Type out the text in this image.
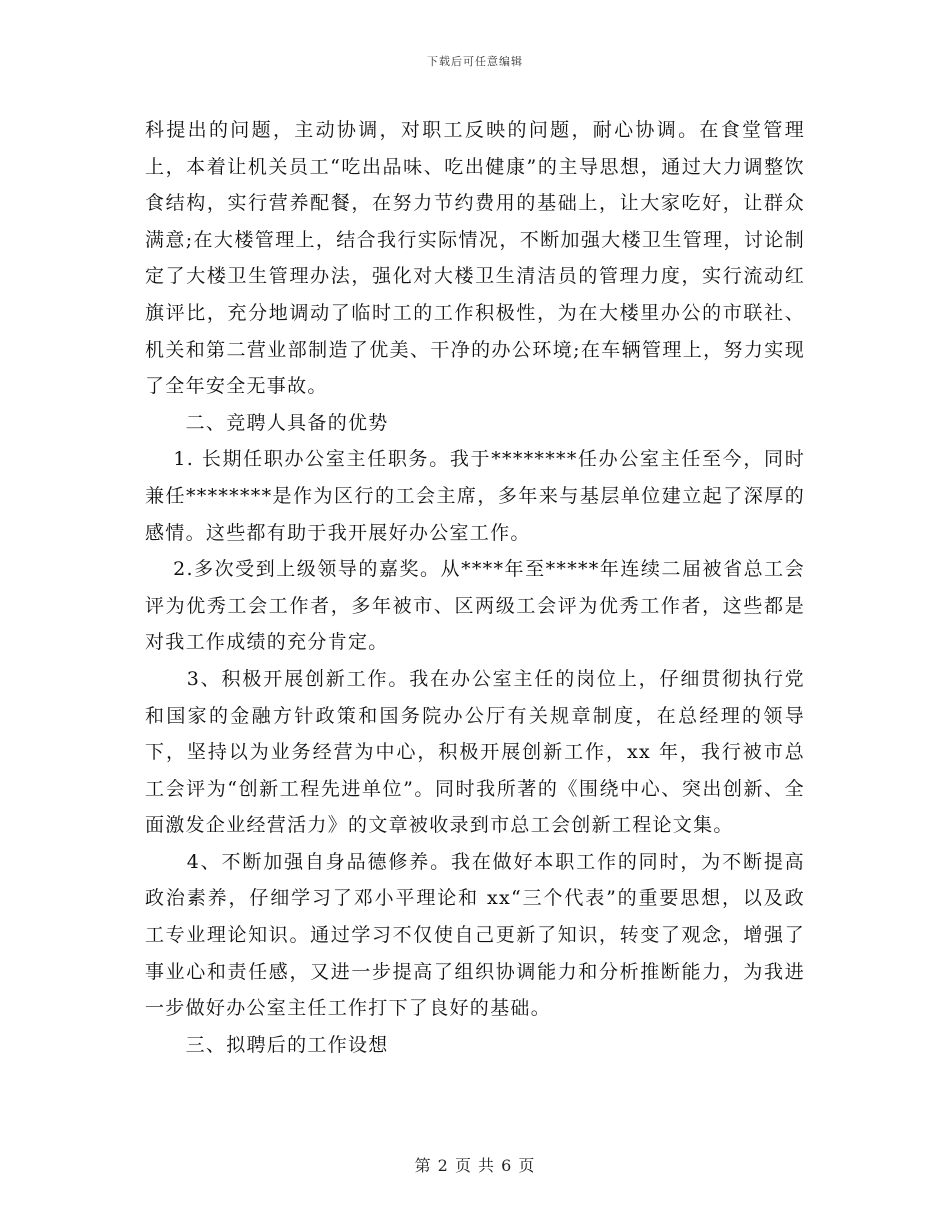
下载后可任意编辑

科提出的问题，主动协调，对职工反映的问题，耐心协调。在食堂管理上，本着让机关员工“吃出品味、吃出健康”的主导思想，通过大力调整饮食结构，实行营养配餐，在努力节约费用的基础上，让大家吃好，让群众满意;在大楼管理上，结合我行实际情况，不断加强大楼卫生管理，讨论制定了大楼卫生管理办法，强化对大楼卫生清洁员的管理力度，实行流动红旗评比，充分地调动了临时工的工作积极性，为在大楼里办公的市联社、机关和第二营业部制造了优美、干净的办公环境;在车辆管理上，努力实现了全年安全无事故。

　　二、竞聘人具备的优势

　 1. 长期任职办公室主任职务。我于********任办公室主任至今，同时兼任********是作为区行的工会主席，多年来与基层单位建立起了深厚的感情。这些都有助于我开展好办公室工作。

　 2.多次受到上级领导的嘉奖。从****年至*****年连续二届被省总工会评为优秀工会工作者，多年被市、区两级工会评为优秀工作者，这些都是对我工作成绩的充分肯定。

　　3、积极开展创新工作。我在办公室主任的岗位上，仔细贯彻执行党和国家的金融方针政策和国务院办公厅有关规章制度，在总经理的领导下，坚持以为业务经营为中心，积极开展创新工作，xx 年，我行被市总工会评为“创新工程先进单位”。同时我所著的《围绕中心、突出创新、全面激发企业经营活力》的文章被收录到市总工会创新工程论文集。

　　4、不断加强自身品德修养。我在做好本职工作的同时，为不断提高政治素养，仔细学习了邓小平理论和 xx“三个代表”的重要思想，以及政工专业理论知识。通过学习不仅使自己更新了知识，转变了观念，增强了事业心和责任感，又进一步提高了组织协调能力和分析推断能力，为我进一步做好办公室主任工作打下了良好的基础。

　　三、拟聘后的工作设想

第 2 页 共 6 页
